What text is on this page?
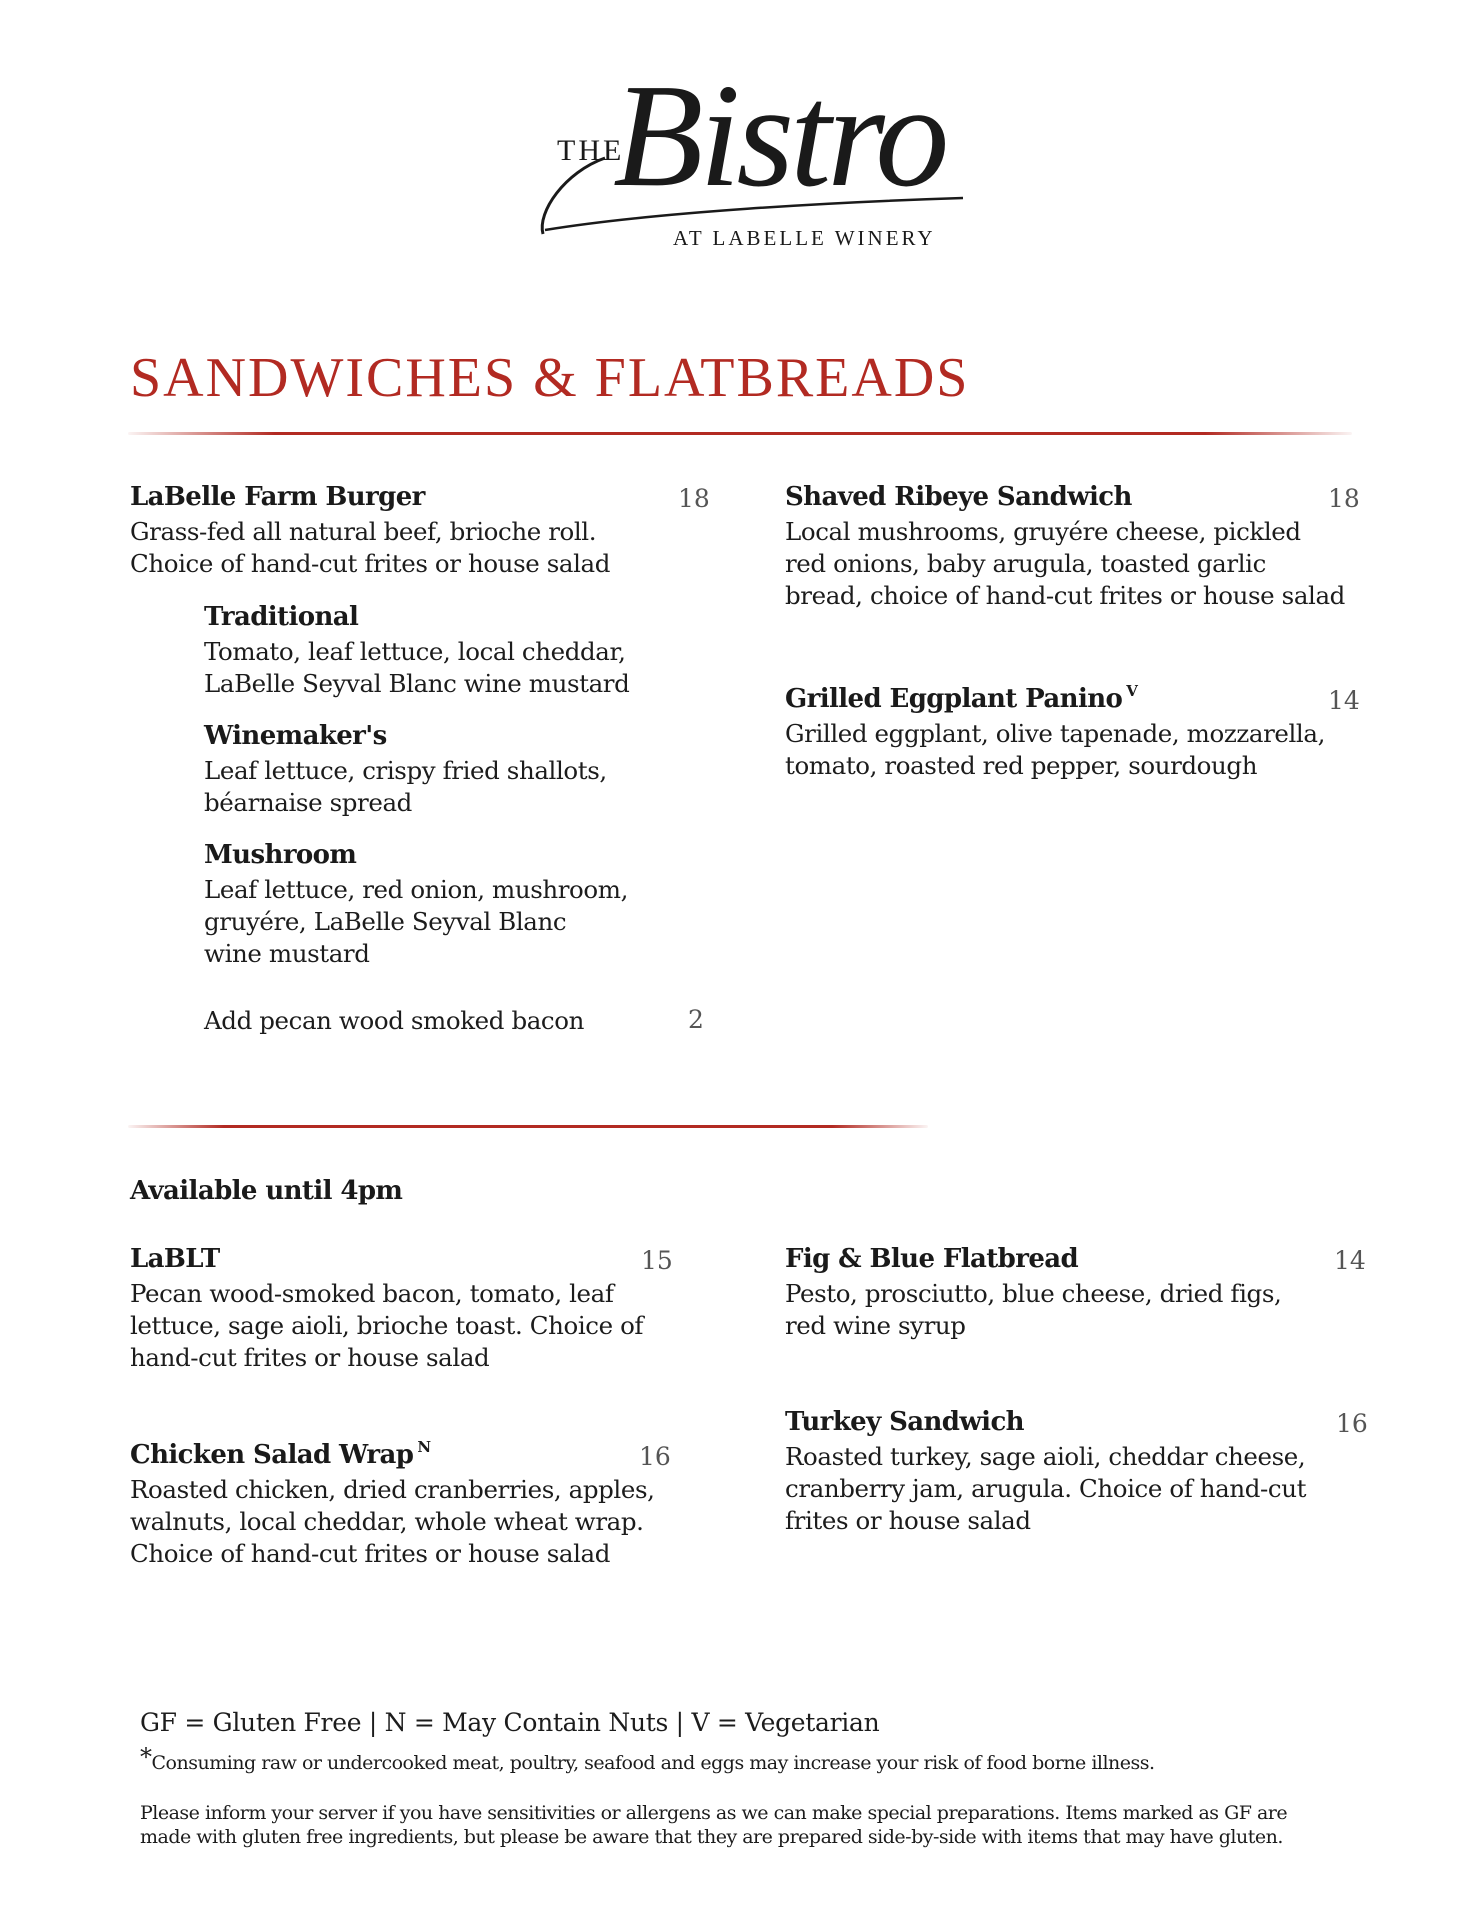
THE
Bistro
AT LABELLE WINERY
SANDWICHES & FLATBREADS
LaBelle Farm Burger	18
Grass-fed all natural beef, brioche roll.
Choice of hand-cut frites or house salad
Traditional
Tomato, leaf lettuce, local cheddar,
LaBelle Seyval Blanc wine mustard
Winemaker's
Leaf lettuce, crispy fried shallots,
béarnaise spread
Mushroom
Leaf lettuce, red onion, mushroom,
gruyére, LaBelle Seyval Blanc
wine mustard
Add pecan wood smoked bacon	2
Shaved Ribeye Sandwich	18
Local mushrooms, gruyére cheese, pickled
red onions, baby arugula, toasted garlic
bread, choice of hand-cut frites or house salad
Grilled Eggplant Panino $^V$	14
Grilled eggplant, olive tapenade, mozzarella,
tomato, roasted red pepper, sourdough
Available until 4pm
LaBLT	15
Pecan wood-smoked bacon, tomato, leaf
lettuce, sage aioli, brioche toast. Choice of
hand-cut frites or house salad
Chicken Salad Wrap $^N$	16
Roasted chicken, dried cranberries, apples,
walnuts, local cheddar, whole wheat wrap.
Choice of hand-cut frites or house salad
Fig & Blue Flatbread	14
Pesto, prosciutto, blue cheese, dried figs,
red wine syrup
Turkey Sandwich	16
Roasted turkey, sage aioli, cheddar cheese,
cranberry jam, arugula. Choice of hand-cut
frites or house salad
GF = Gluten Free | N = May Contain Nuts | V = Vegetarian
*Consuming raw or undercooked meat, poultry, seafood and eggs may increase your risk of food borne illness.
Please inform your server if you have sensitivities or allergens as we can make special preparations. Items marked as GF are
made with gluten free ingredients, but please be aware that they are prepared side-by-side with items that may have gluten.
